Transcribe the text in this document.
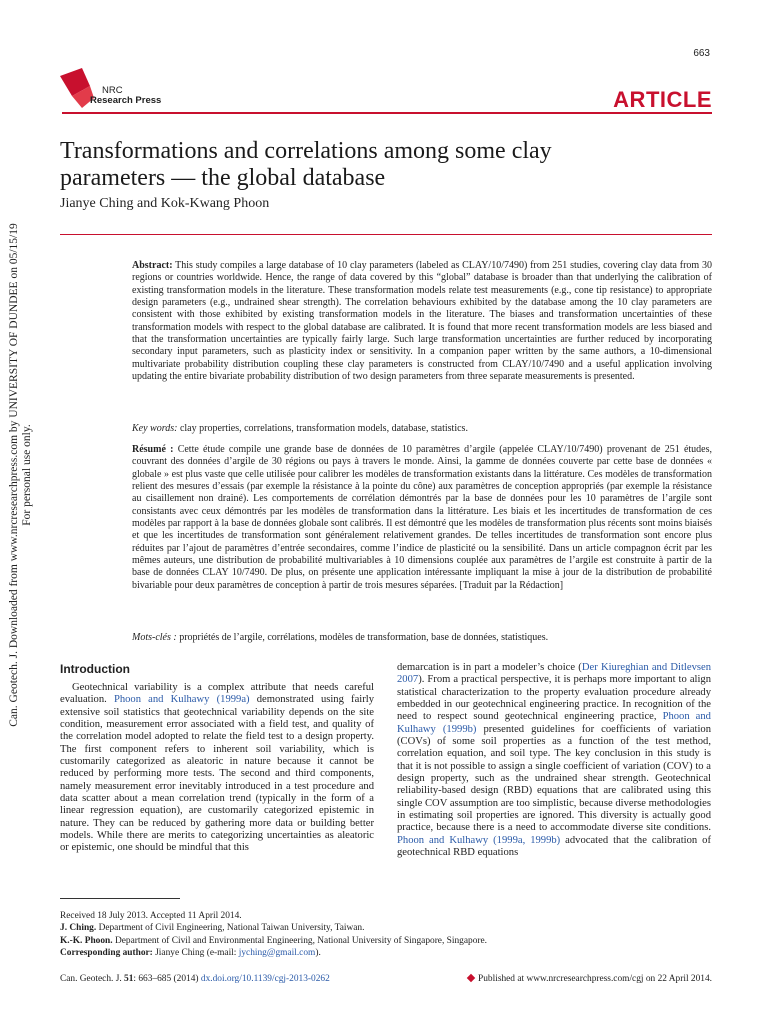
Can. Geotech. J. Downloaded from www.nrcresearchpress.com by UNIVERSITY OF DUNDEE on 05/15/19 For personal use only.
663
NRC
Research Press	ARTICLE
Transformations and correlations among some clay parameters — the global database
Jianye Ching and Kok-Kwang Phoon
Abstract: This study compiles a large database of 10 clay parameters (labeled as CLAY/10/7490) from 251 studies, covering clay data from 30 regions or countries worldwide. Hence, the range of data covered by this “global” database is broader than that underlying the calibration of existing transformation models in the literature. These transformation models relate test measurements (e.g., cone tip resistance) to appropriate design parameters (e.g., undrained shear strength). The correlation behaviours exhibited by the database among the 10 clay parameters are consistent with those exhibited by existing transformation models in the literature. The biases and transformation uncertainties of these transformation models with respect to the global database are calibrated. It is found that more recent transformation models are less biased and that the transformation uncertainties are typically fairly large. Such large transformation uncertainties are further reduced by incorporating secondary input parameters, such as plasticity index or sensitivity. In a companion paper written by the same authors, a 10-dimensional multivariate probability distribution coupling these clay parameters is constructed from CLAY/10/7490 and a useful application involving updating the entire bivariate probability distribution of two design parameters from three separate measurements is presented.
Key words: clay properties, correlations, transformation models, database, statistics.
Résumé : Cette étude compile une grande base de données de 10 paramètres d’argile (appelée CLAY/10/7490) provenant de 251 études, couvrant des données d’argile de 30 régions ou pays à travers le monde. Ainsi, la gamme de données couverte par cette base de données « globale » est plus vaste que celle utilisée pour calibrer les modèles de transformation existants dans la littérature. Ces modèles de transformation relient des mesures d’essais (par exemple la résistance à la pointe du cône) aux paramètres de conception appropriés (par exemple la résistance au cisaillement non drainé). Les comportements de corrélation démontrés par la base de données pour les 10 paramètres de l’argile sont consistants avec ceux démontrés par les modèles de transformation dans la littérature. Les biais et les incertitudes de transformation de ces modèles par rapport à la base de données globale sont calibrés. Il est démontré que les modèles de transformation plus récents sont moins biaisés et que les incertitudes de transformation sont généralement relativement grandes. De telles incertitudes de transformation sont encore plus réduites par l’ajout de paramètres d’entrée secondaires, comme l’indice de plasticité ou la sensibilité. Dans un article compagnon écrit par les mêmes auteurs, une distribution de probabilité multivariables à 10 dimensions couplée aux paramètres de l’argile est construite à partir de la base de données CLAY 10/7490. De plus, on présente une application intéressante impliquant la mise à jour de la distribution de probabilité bivariable pour deux paramètres de conception à partir de trois mesures séparées. [Traduit par la Rédaction]
Mots-clés : propriétés de l’argile, corrélations, modèles de transformation, base de données, statistiques.
Introduction

Geotechnical variability is a complex attribute that needs careful evaluation. Phoon and Kulhawy (1999a) demonstrated using fairly extensive soil statistics that geotechnical variability depends on the site condition, measurement error associated with a field test, and quality of the correlation model adopted to relate the field test to a design property. The first component refers to inherent soil variability, which is customarily categorized as aleatoric in nature because it cannot be reduced by performing more tests. The second and third components, namely measurement error inevitably introduced in a test procedure and data scatter about a mean correlation trend (typically in the form of a linear regression equation), are customarily categorized epistemic in nature. They can be reduced by gathering more data or building better models. While there are merits to categorizing uncertainties as aleatoric or epistemic, one should be mindful that this

demarcation is in part a modeler’s choice (Der Kiureghian and Ditlevsen 2007). From a practical perspective, it is perhaps more important to align statistical characterization to the property evaluation procedure already embedded in our geotechnical engineering practice. In recognition of the need to respect sound geotechnical engineering practice, Phoon and Kulhawy (1999b) presented guidelines for coefficients of variation (COVs) of some soil properties as a function of the test method, correlation equation, and soil type. The key conclusion in this study is that it is not possible to assign a single coefficient of variation (COV) to a design property, such as the undrained shear strength. Geotechnical reliability-based design (RBD) equations that are calibrated using this single COV assumption are too simplistic, because diverse methodologies in estimating soil properties are ignored. This diversity is actually good practice, because there is a need to accommodate diverse site conditions. Phoon and Kulhawy (1999a, 1999b) advocated that the calibration of geotechnical RBD equations

Received 18 July 2013. Accepted 11 April 2014.
J. Ching. Department of Civil Engineering, National Taiwan University, Taiwan.
K.-K. Phoon. Department of Civil and Environmental Engineering, National University of Singapore, Singapore.
Corresponding author: Jianye Ching (e-mail: jyching@gmail.com).
Can. Geotech. J. 51: 663–685 (2014) dx.doi.org/10.1139/cgj-2013-0262	Published at www.nrcresearchpress.com/cgj on 22 April 2014.
